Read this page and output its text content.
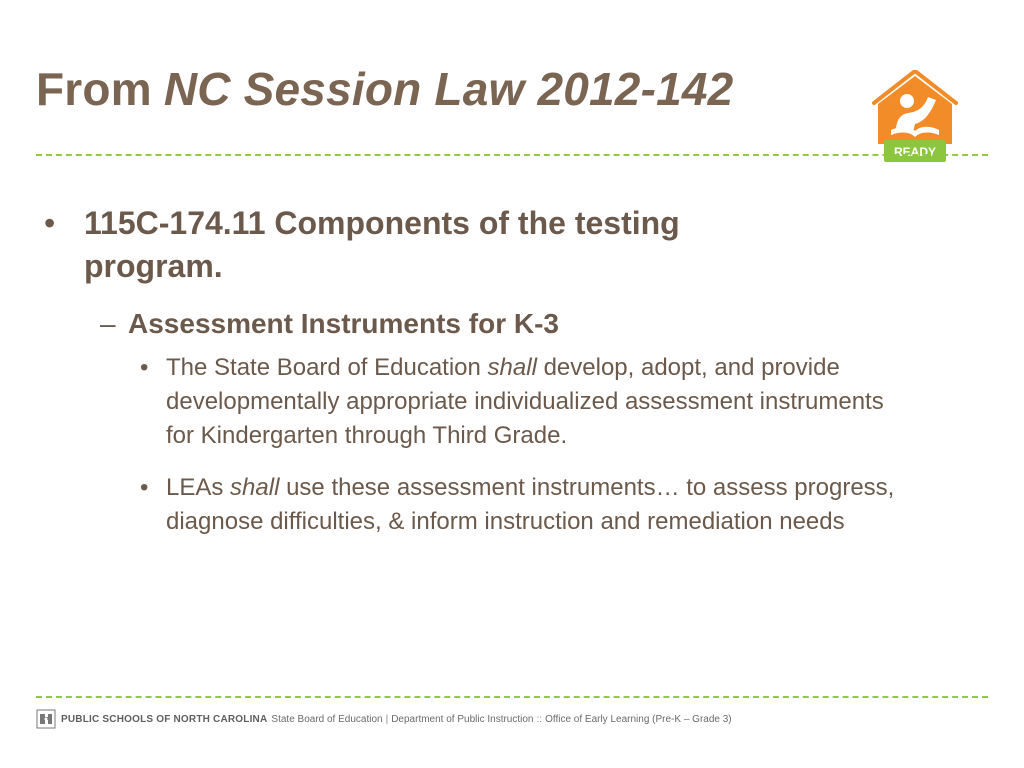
From NC Session Law 2012-142
READY
• 115C-174.11 Components of the testing
program.
– Assessment Instruments for K-3
• The State Board of Education shall develop, adopt, and provide developmentally appropriate individualized assessment instruments for Kindergarten through Third Grade.
• LEAs shall use these assessment instruments… to assess progress, diagnose difficulties, & inform instruction and remediation needs
PUBLIC SCHOOLS OF NORTH CAROLINA State Board of Education | Department of Public Instruction :: Office of Early Learning (Pre-K – Grade 3)
